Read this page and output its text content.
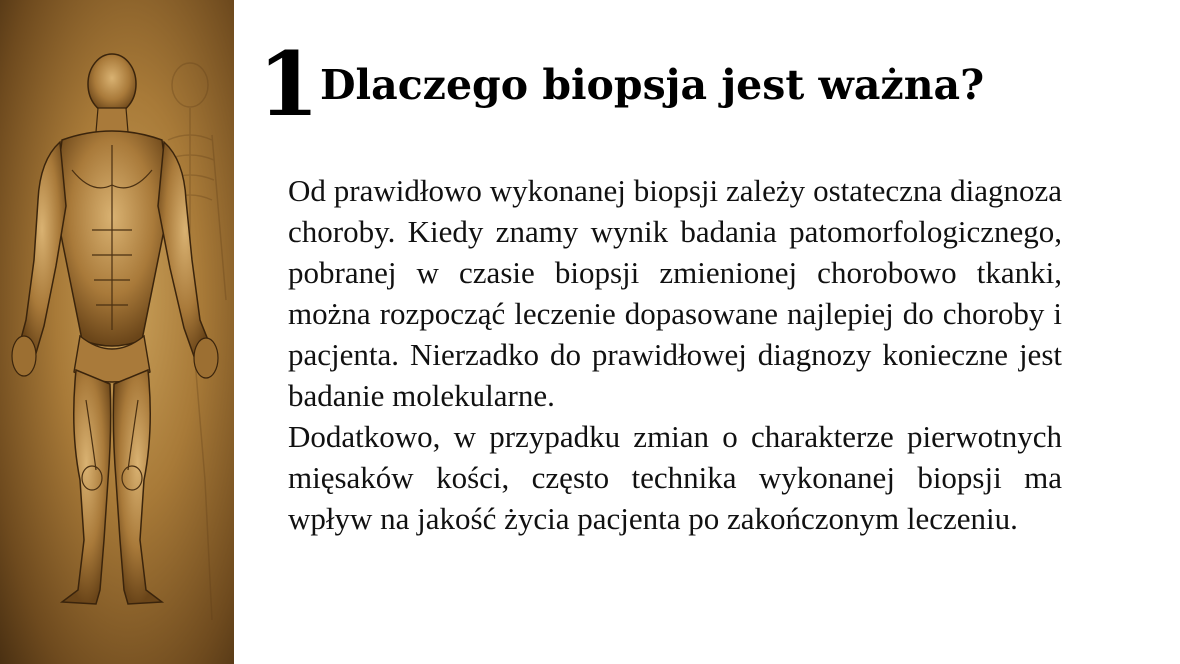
1 Dlaczego biopsja jest ważna?

Od prawidłowo wykonanej biopsji zależy ostateczna diagnoza choroby. Kiedy znamy wynik badania patomorfologicznego, pobranej w czasie biopsji zmienionej chorobowo tkanki, można rozpocząć leczenie dopasowane najlepiej do choroby i pacjenta. Nierzadko do prawidłowej diagnozy konieczne jest badanie molekularne.

Dodatkowo, w przypadku zmian o charakterze pierwotnych mięsaków kości, często technika wykonanej biopsji ma wpływ na jakość życia pacjenta po zakończonym leczeniu.
